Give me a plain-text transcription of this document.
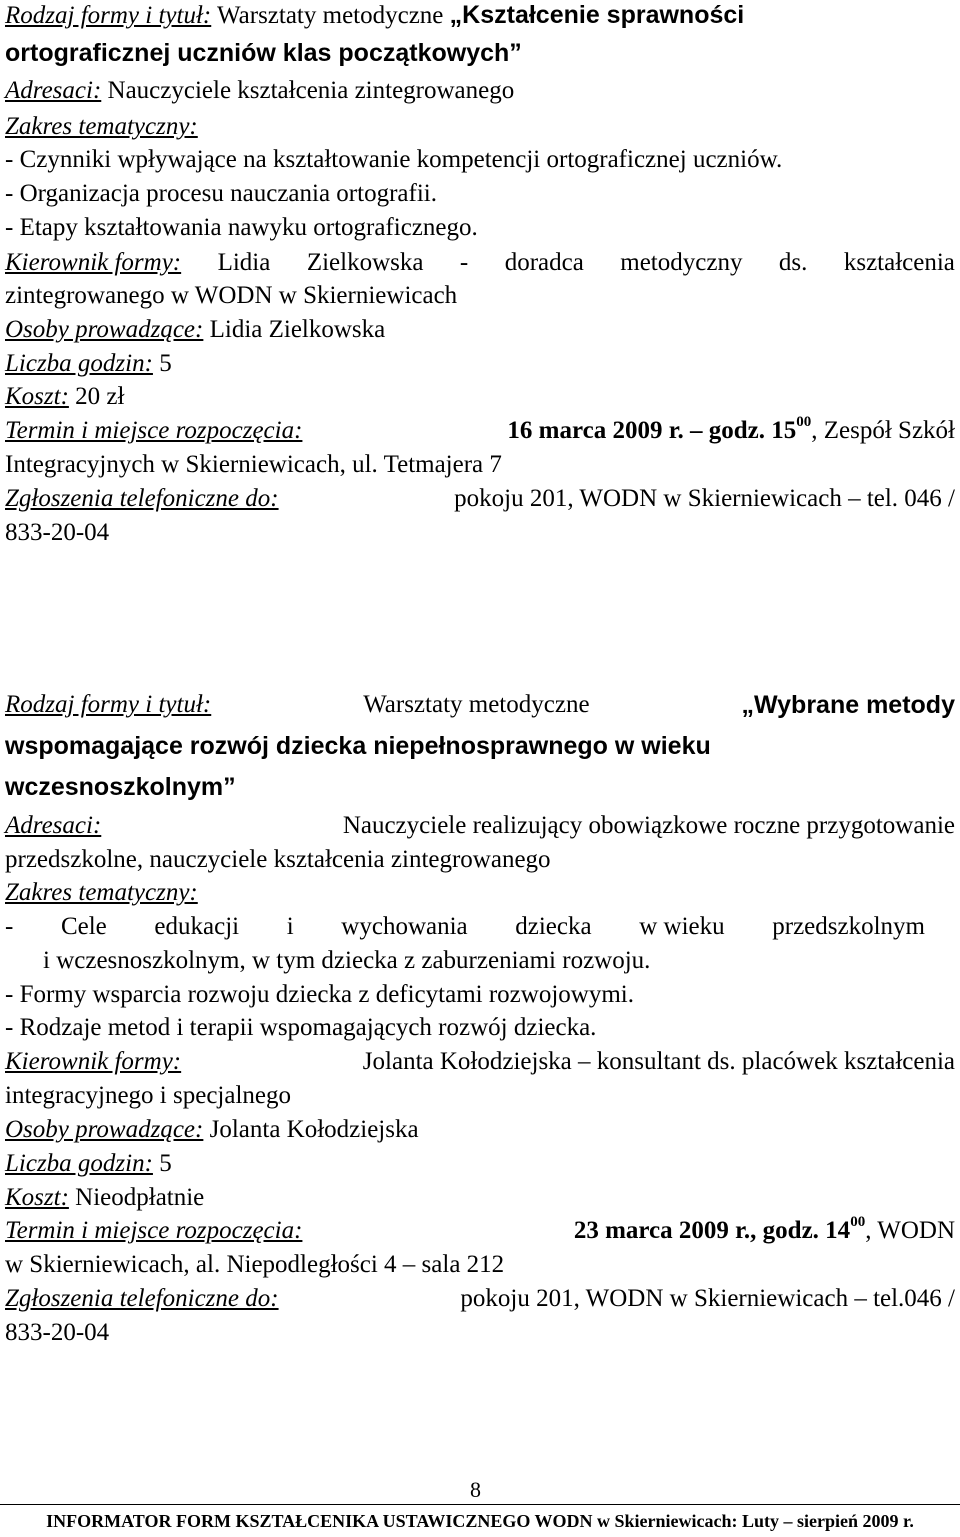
Rodzaj formy i tytuł: Warsztaty metodyczne „Kształcenie sprawności
ortograficznej uczniów klas początkowych”
Adresaci: Nauczyciele kształcenia zintegrowanego
Zakres tematyczny:
- Czynniki wpływające na kształtowanie kompetencji ortograficznej uczniów.
- Organizacja procesu nauczania ortografii.
- Etapy kształtowania nawyku ortograficznego.
Kierownik formy: Lidia Zielkowska - doradca metodyczny ds. kształcenia
zintegrowanego w WODN w Skierniewicach
Osoby prowadzące: Lidia Zielkowska
Liczba godzin: 5
Koszt: 20 zł
Termin i miejsce rozpoczęcia:	16 marca 2009 r. – godz. $15^{00}$, Zespół Szkół
Integracyjnych w Skierniewicach, ul. Tetmajera 7
Zgłoszenia telefoniczne do:	pokoju 201, WODN w Skierniewicach – tel. 046 /
833-20-04
Rodzaj formy i tytuł:	Warsztaty metodyczne	„Wybrane metody
wspomagające rozwój dziecka niepełnosprawnego w wieku
wczesnoszkolnym”
Adresaci:	Nauczyciele realizujący obowiązkowe roczne przygotowanie
przedszkolne, nauczyciele kształcenia zintegrowanego
Zakres tematyczny:
- Cele edukacji i wychowania dziecka w wieku przedszkolnym
i wczesnoszkolnym, w tym dziecka z zaburzeniami rozwoju.
- Formy wsparcia rozwoju dziecka z deficytami rozwojowymi.
- Rodzaje metod i terapii wspomagających rozwój dziecka.
Kierownik formy:	Jolanta Kołodziejska – konsultant ds. placówek kształcenia
integracyjnego i specjalnego
Osoby prowadzące: Jolanta Kołodziejska
Liczba godzin: 5
Koszt: Nieodpłatnie
Termin i miejsce rozpoczęcia:	23 marca 2009 r., godz. $14^{00}$, WODN
w Skierniewicach, al. Niepodległości 4 – sala 212
Zgłoszenia telefoniczne do:	pokoju 201, WODN w Skierniewicach – tel.046 /
833-20-04
8
INFORMATOR FORM KSZTAŁCENIKA USTAWICZNEGO WODN w Skierniewicach: Luty – sierpień 2009 r.
